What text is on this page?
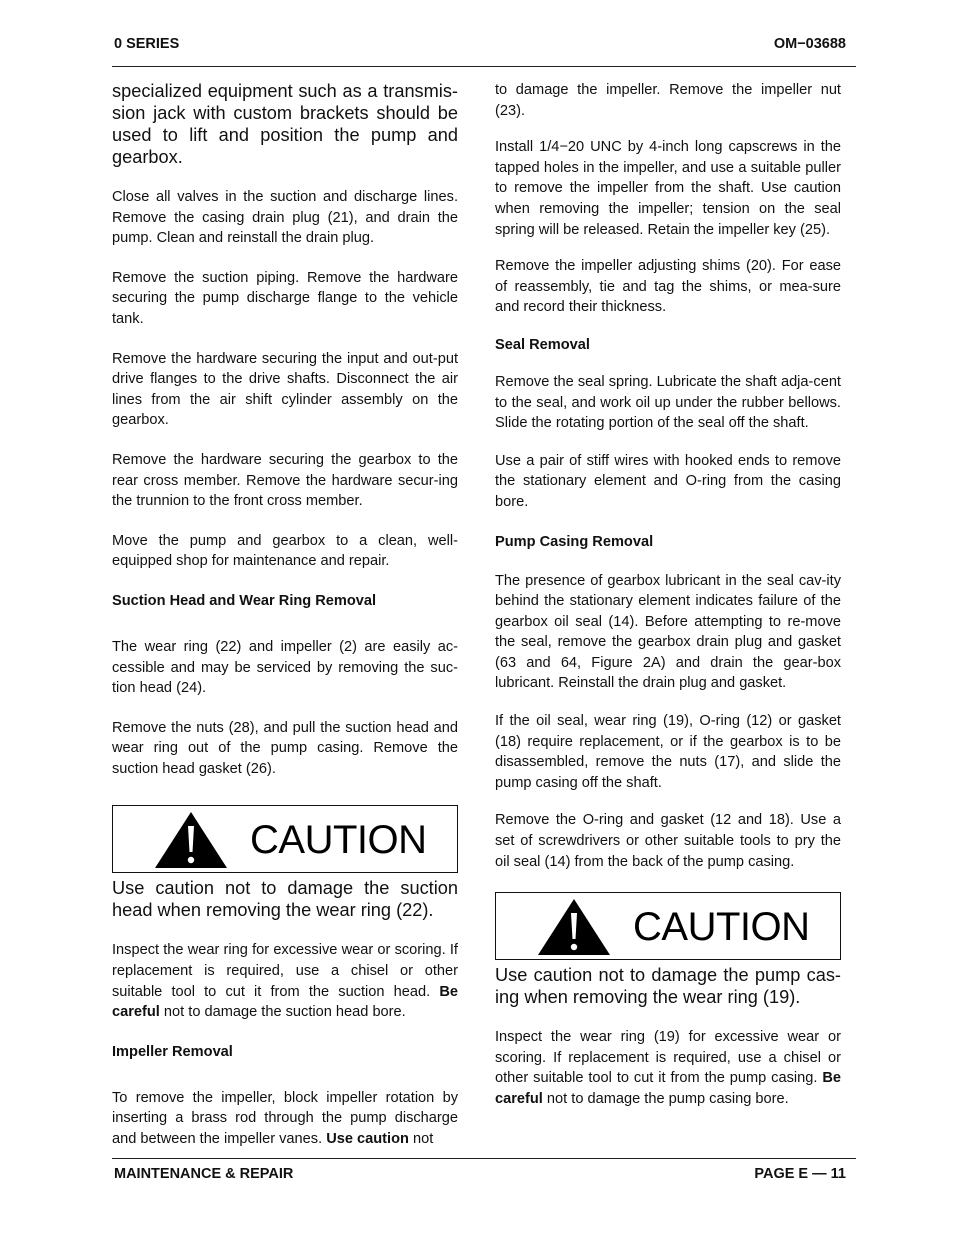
0 SERIES	OM−03688

specialized equipment such as a transmis-sion jack with custom brackets should be used to lift and position the pump and gearbox.

Close all valves in the suction and discharge lines. Remove the casing drain plug (21), and drain the pump. Clean and reinstall the drain plug.

Remove the suction piping. Remove the hardware securing the pump discharge flange to the vehicle tank.

Remove the hardware securing the input and out-put drive flanges to the drive shafts. Disconnect the air lines from the air shift cylinder assembly on the gearbox.

Remove the hardware securing the gearbox to the rear cross member. Remove the hardware secur-ing the trunnion to the front cross member.

Move the pump and gearbox to a clean, well-equipped shop for maintenance and repair.

Suction Head and Wear Ring Removal

The wear ring (22) and impeller (2) are easily ac-cessible and may be serviced by removing the suc-tion head (24).

Remove the nuts (28), and pull the suction head and wear ring out of the pump casing. Remove the suction head gasket (26).

CAUTION

Use caution not to damage the suction head when removing the wear ring (22).

Inspect the wear ring for excessive wear or scoring. If replacement is required, use a chisel or other suitable tool to cut it from the suction head. Be careful not to damage the suction head bore.

Impeller Removal

To remove the impeller, block impeller rotation by inserting a brass rod through the pump discharge and between the impeller vanes. Use caution not

to damage the impeller. Remove the impeller nut (23).

Install 1/4−20 UNC by 4-inch long capscrews in the tapped holes in the impeller, and use a suitable puller to remove the impeller from the shaft. Use caution when removing the impeller; tension on the seal spring will be released. Retain the impeller key (25).

Remove the impeller adjusting shims (20). For ease of reassembly, tie and tag the shims, or mea-sure and record their thickness.

Seal Removal

Remove the seal spring. Lubricate the shaft adja-cent to the seal, and work oil up under the rubber bellows. Slide the rotating portion of the seal off the shaft.

Use a pair of stiff wires with hooked ends to remove the stationary element and O-ring from the casing bore.

Pump Casing Removal

The presence of gearbox lubricant in the seal cav-ity behind the stationary element indicates failure of the gearbox oil seal (14). Before attempting to re-move the seal, remove the gearbox drain plug and gasket (63 and 64, Figure 2A) and drain the gear-box lubricant. Reinstall the drain plug and gasket.

If the oil seal, wear ring (19), O-ring (12) or gasket (18) require replacement, or if the gearbox is to be disassembled, remove the nuts (17), and slide the pump casing off the shaft.

Remove the O-ring and gasket (12 and 18). Use a set of screwdrivers or other suitable tools to pry the oil seal (14) from the back of the pump casing.

CAUTION

Use caution not to damage the pump cas-ing when removing the wear ring (19).

Inspect the wear ring (19) for excessive wear or scoring. If replacement is required, use a chisel or other suitable tool to cut it from the pump casing. Be careful not to damage the pump casing bore.

MAINTENANCE & REPAIR	PAGE E — 11
